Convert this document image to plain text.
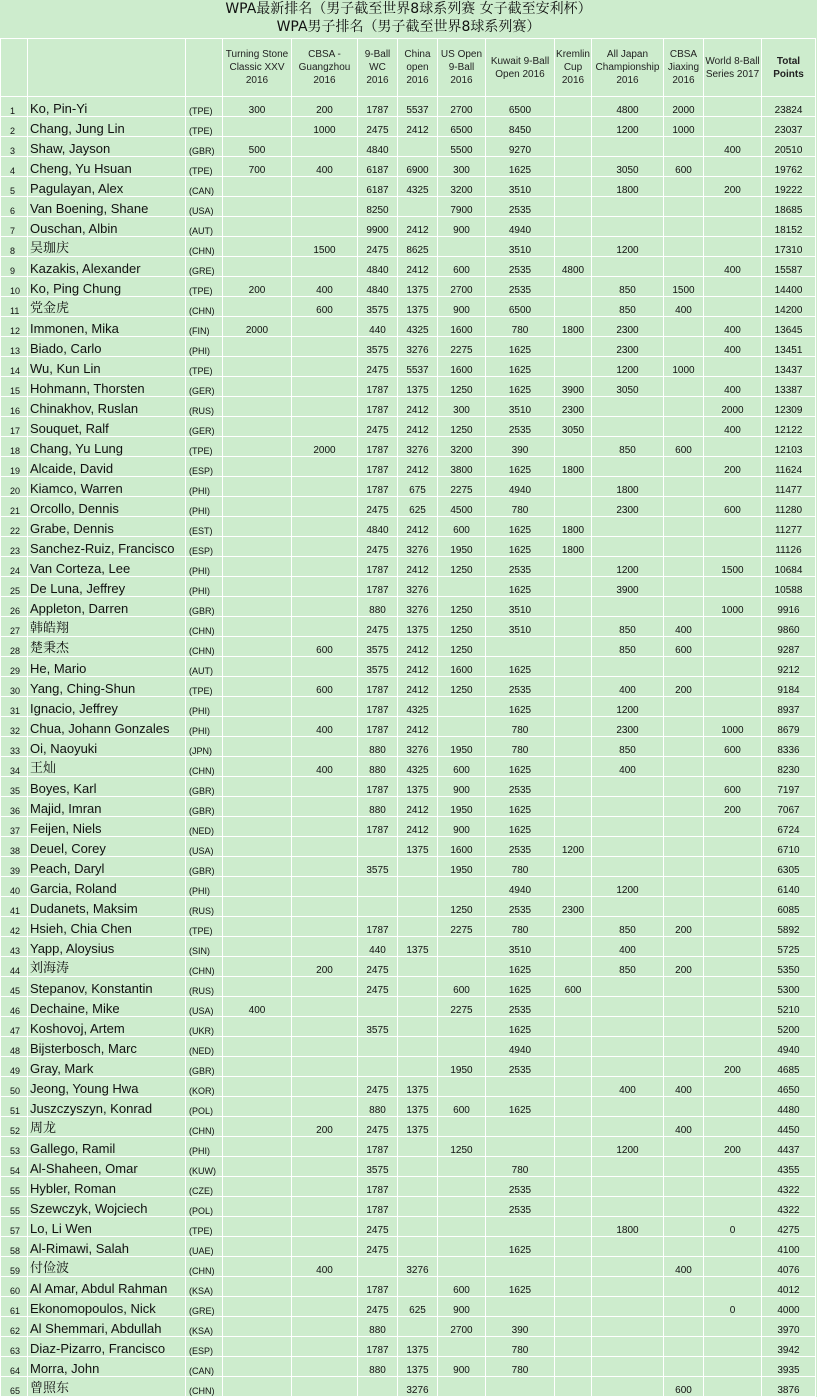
WPA最新排名（男子截至世界8球系列赛 女子截至安利杯）
WPA男子排名（男子截至世界8球系列赛）
			Turning Stone Classic XXV 2016	CBSA - Guangzhou 2016	9-Ball WC 2016	China open 2016	US Open 9-Ball 2016	Kuwait 9-Ball Open 2016	Kremlin Cup 2016	All Japan Championship 2016	CBSA Jiaxing 2016	World 8-Ball Series 2017	Total Points
1	Ko, Pin-Yi	(TPE)	300	200	1787	5537	2700	6500		4800	2000		23824
2	Chang, Jung Lin	(TPE)		1000	2475	2412	6500	8450		1200	1000		23037
3	Shaw, Jayson	(GBR)	500		4840		5500	9270				400	20510
4	Cheng, Yu Hsuan	(TPE)	700	400	6187	6900	300	1625		3050	600		19762
5	Pagulayan, Alex	(CAN)			6187	4325	3200	3510		1800		200	19222
6	Van Boening, Shane	(USA)			8250		7900	2535					18685
7	Ouschan, Albin	(AUT)			9900	2412	900	4940					18152
8	吴珈庆	(CHN)		1500	2475	8625		3510		1200			17310
9	Kazakis, Alexander	(GRE)			4840	2412	600	2535	4800			400	15587
10	Ko, Ping Chung	(TPE)	200	400	4840	1375	2700	2535		850	1500		14400
11	党金虎	(CHN)		600	3575	1375	900	6500		850	400		14200
12	Immonen, Mika	(FIN)	2000		440	4325	1600	780	1800	2300		400	13645
13	Biado, Carlo	(PHI)			3575	3276	2275	1625		2300		400	13451
14	Wu, Kun Lin	(TPE)			2475	5537	1600	1625		1200	1000		13437
15	Hohmann, Thorsten	(GER)			1787	1375	1250	1625	3900	3050		400	13387
16	Chinakhov, Ruslan	(RUS)			1787	2412	300	3510	2300			2000	12309
17	Souquet, Ralf	(GER)			2475	2412	1250	2535	3050			400	12122
18	Chang, Yu Lung	(TPE)		2000	1787	3276	3200	390		850	600		12103
19	Alcaide, David	(ESP)			1787	2412	3800	1625	1800			200	11624
20	Kiamco, Warren	(PHI)			1787	675	2275	4940		1800			11477
21	Orcollo, Dennis	(PHI)			2475	625	4500	780		2300		600	11280
22	Grabe, Dennis	(EST)			4840	2412	600	1625	1800				11277
23	Sanchez-Ruiz, Francisco	(ESP)			2475	3276	1950	1625	1800				11126
24	Van Corteza, Lee	(PHI)			1787	2412	1250	2535		1200		1500	10684
25	De Luna, Jeffrey	(PHI)			1787	3276		1625		3900			10588
26	Appleton, Darren	(GBR)			880	3276	1250	3510				1000	9916
27	韩皓翔	(CHN)			2475	1375	1250	3510		850	400		9860
28	楚秉杰	(CHN)		600	3575	2412	1250			850	600		9287
29	He, Mario	(AUT)			3575	2412	1600	1625					9212
30	Yang, Ching-Shun	(TPE)		600	1787	2412	1250	2535		400	200		9184
31	Ignacio, Jeffrey	(PHI)			1787	4325		1625		1200			8937
32	Chua, Johann Gonzales	(PHI)		400	1787	2412		780		2300		1000	8679
33	Oi, Naoyuki	(JPN)			880	3276	1950	780		850		600	8336
34	王灿	(CHN)		400	880	4325	600	1625		400			8230
35	Boyes, Karl	(GBR)			1787	1375	900	2535				600	7197
36	Majid, Imran	(GBR)			880	2412	1950	1625				200	7067
37	Feijen, Niels	(NED)			1787	2412	900	1625					6724
38	Deuel, Corey	(USA)				1375	1600	2535	1200				6710
39	Peach, Daryl	(GBR)			3575		1950	780					6305
40	Garcia, Roland	(PHI)						4940		1200			6140
41	Dudanets, Maksim	(RUS)					1250	2535	2300				6085
42	Hsieh, Chia Chen	(TPE)			1787		2275	780		850	200		5892
43	Yapp, Aloysius	(SIN)			440	1375		3510		400			5725
44	刘海涛	(CHN)		200	2475			1625		850	200		5350
45	Stepanov, Konstantin	(RUS)			2475		600	1625	600				5300
46	Dechaine, Mike	(USA)	400				2275	2535					5210
47	Koshovoj, Artem	(UKR)			3575			1625					5200
48	Bijsterbosch, Marc	(NED)						4940					4940
49	Gray, Mark	(GBR)					1950	2535				200	4685
50	Jeong, Young Hwa	(KOR)			2475	1375				400	400		4650
51	Juszczyszyn, Konrad	(POL)			880	1375	600	1625					4480
52	周龙	(CHN)		200	2475	1375					400		4450
53	Gallego, Ramil	(PHI)			1787		1250			1200		200	4437
54	Al-Shaheen, Omar	(KUW)			3575			780					4355
55	Hybler, Roman	(CZE)			1787			2535					4322
55	Szewczyk, Wojciech	(POL)			1787			2535					4322
57	Lo, Li Wen	(TPE)			2475					1800		0	4275
58	Al-Rimawi, Salah	(UAE)			2475			1625					4100
59	付俭波	(CHN)		400		3276					400		4076
60	Al Amar, Abdul Rahman	(KSA)			1787		600	1625					4012
61	Ekonomopoulos, Nick	(GRE)			2475	625	900					0	4000
62	Al Shemmari, Abdullah	(KSA)			880		2700	390					3970
63	Diaz-Pizarro, Francisco	(ESP)			1787	1375		780					3942
64	Morra, John	(CAN)			880	1375	900	780					3935
65	曾照东	(CHN)				3276					600		3876
